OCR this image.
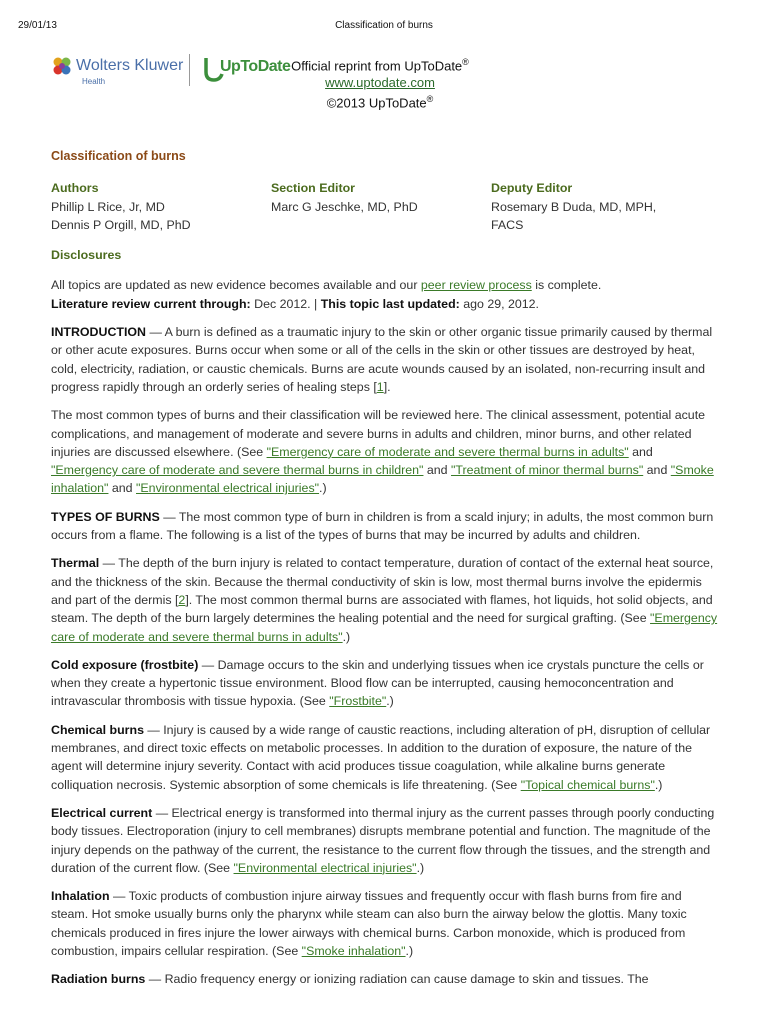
29/01/13	Classification of burns
Wolters Kluwer
Health
UpToDate Official reprint from UpToDate®
www.uptodate.com
©2013 UpToDate®
Classification of burns
Authors
Phillip L Rice, Jr, MD
Dennis P Orgill, MD, PhD
Section Editor
Marc G Jeschke, MD, PhD
Deputy Editor
Rosemary B Duda, MD, MPH,
FACS
Disclosures

All topics are updated as new evidence becomes available and our peer review process is complete.
Literature review current through: Dec 2012. | This topic last updated: ago 29, 2012.

INTRODUCTION — A burn is defined as a traumatic injury to the skin or other organic tissue primarily caused by thermal or other acute exposures. Burns occur when some or all of the cells in the skin or other tissues are destroyed by heat, cold, electricity, radiation, or caustic chemicals. Burns are acute wounds caused by an isolated, non-recurring insult and progress rapidly through an orderly series of healing steps [1].

The most common types of burns and their classification will be reviewed here. The clinical assessment, potential acute complications, and management of moderate and severe burns in adults and children, minor burns, and other related injuries are discussed elsewhere. (See "Emergency care of moderate and severe thermal burns in adults" and "Emergency care of moderate and severe thermal burns in children" and "Treatment of minor thermal burns" and "Smoke inhalation" and "Environmental electrical injuries".)

TYPES OF BURNS — The most common type of burn in children is from a scald injury; in adults, the most common burn occurs from a flame. The following is a list of the types of burns that may be incurred by adults and children.

Thermal — The depth of the burn injury is related to contact temperature, duration of contact of the external heat source, and the thickness of the skin. Because the thermal conductivity of skin is low, most thermal burns involve the epidermis and part of the dermis [2]. The most common thermal burns are associated with flames, hot liquids, hot solid objects, and steam. The depth of the burn largely determines the healing potential and the need for surgical grafting. (See "Emergency care of moderate and severe thermal burns in adults".)

Cold exposure (frostbite) — Damage occurs to the skin and underlying tissues when ice crystals puncture the cells or when they create a hypertonic tissue environment. Blood flow can be interrupted, causing hemoconcentration and intravascular thrombosis with tissue hypoxia. (See "Frostbite".)

Chemical burns — Injury is caused by a wide range of caustic reactions, including alteration of pH, disruption of cellular membranes, and direct toxic effects on metabolic processes. In addition to the duration of exposure, the nature of the agent will determine injury severity. Contact with acid produces tissue coagulation, while alkaline burns generate colliquation necrosis. Systemic absorption of some chemicals is life threatening. (See "Topical chemical burns".)

Electrical current — Electrical energy is transformed into thermal injury as the current passes through poorly conducting body tissues. Electroporation (injury to cell membranes) disrupts membrane potential and function. The magnitude of the injury depends on the pathway of the current, the resistance to the current flow through the tissues, and the strength and duration of the current flow. (See "Environmental electrical injuries".)

Inhalation — Toxic products of combustion injure airway tissues and frequently occur with flash burns from fire and steam. Hot smoke usually burns only the pharynx while steam can also burn the airway below the glottis. Many toxic chemicals produced in fires injure the lower airways with chemical burns. Carbon monoxide, which is produced from combustion, impairs cellular respiration. (See "Smoke inhalation".)

Radiation burns — Radio frequency energy or ionizing radiation can cause damage to skin and tissues. The
